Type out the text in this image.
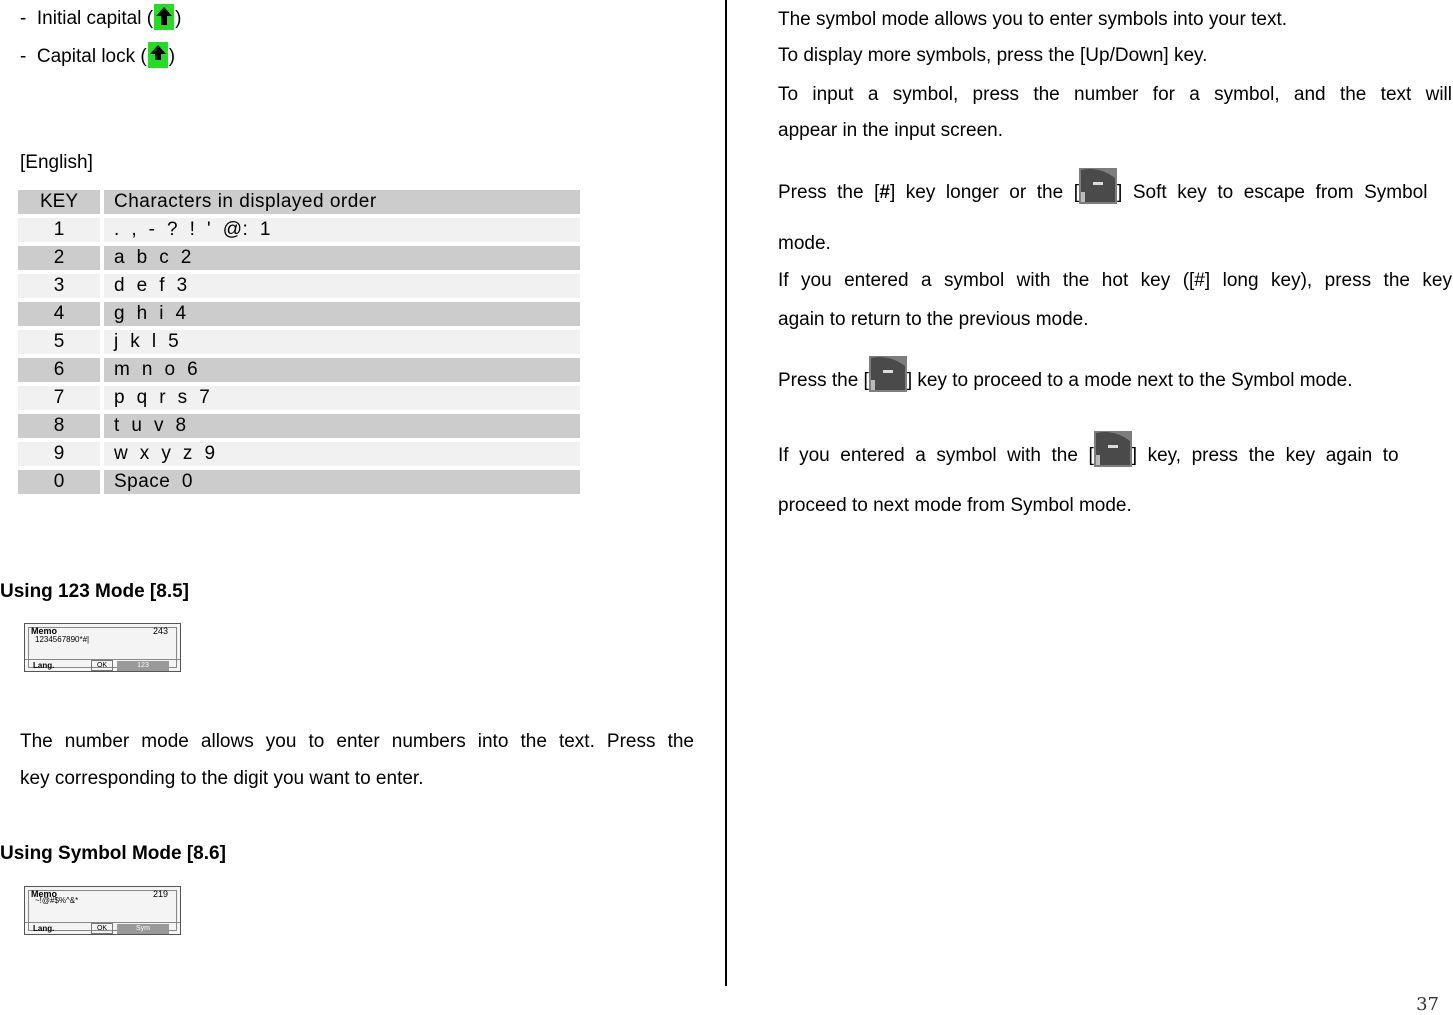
- Initial capital ( )
- Capital lock ( )
[English]
KEY		Characters in displayed order
1		.  ,  -  ?  !  '  @:  1
2		a  b  c  2
3		d  e  f  3
4		g  h  i  4
5		j  k  l  5
6		m  n  o  6
7		p  q  r  s  7
8		t  u  v  8
9		w  x  y  z  9
0		Space  0
Using 123 Mode [8.5]
Memo	243
1234567890*#|
Lang.	OK	123
The number mode allows you to enter numbers into the text. Press the
key corresponding to the digit you want to enter.
Using Symbol Mode [8.6]
Memo	219
~!@#$%^&*
Lang.	OK	Sym
The symbol mode allows you to enter symbols into your text.
To display more symbols, press the [Up/Down] key.
To  input  a  symbol,  press  the  number  for  a  symbol,  and  the  text  will
appear in the input screen.
Press  the  [#]  key  longer  or  the  [ ]  Soft  key  to  escape  from  Symbol
mode.
If  you  entered  a  symbol  with  the  hot  key  ([#]  long  key),  press  the  key
again to return to the previous mode.
Press the [ ] key to proceed to a mode next to the Symbol mode.
If  you  entered  a  symbol  with  the  [ ]  key,  press  the  key  again  to
proceed to next mode from Symbol mode.
37
